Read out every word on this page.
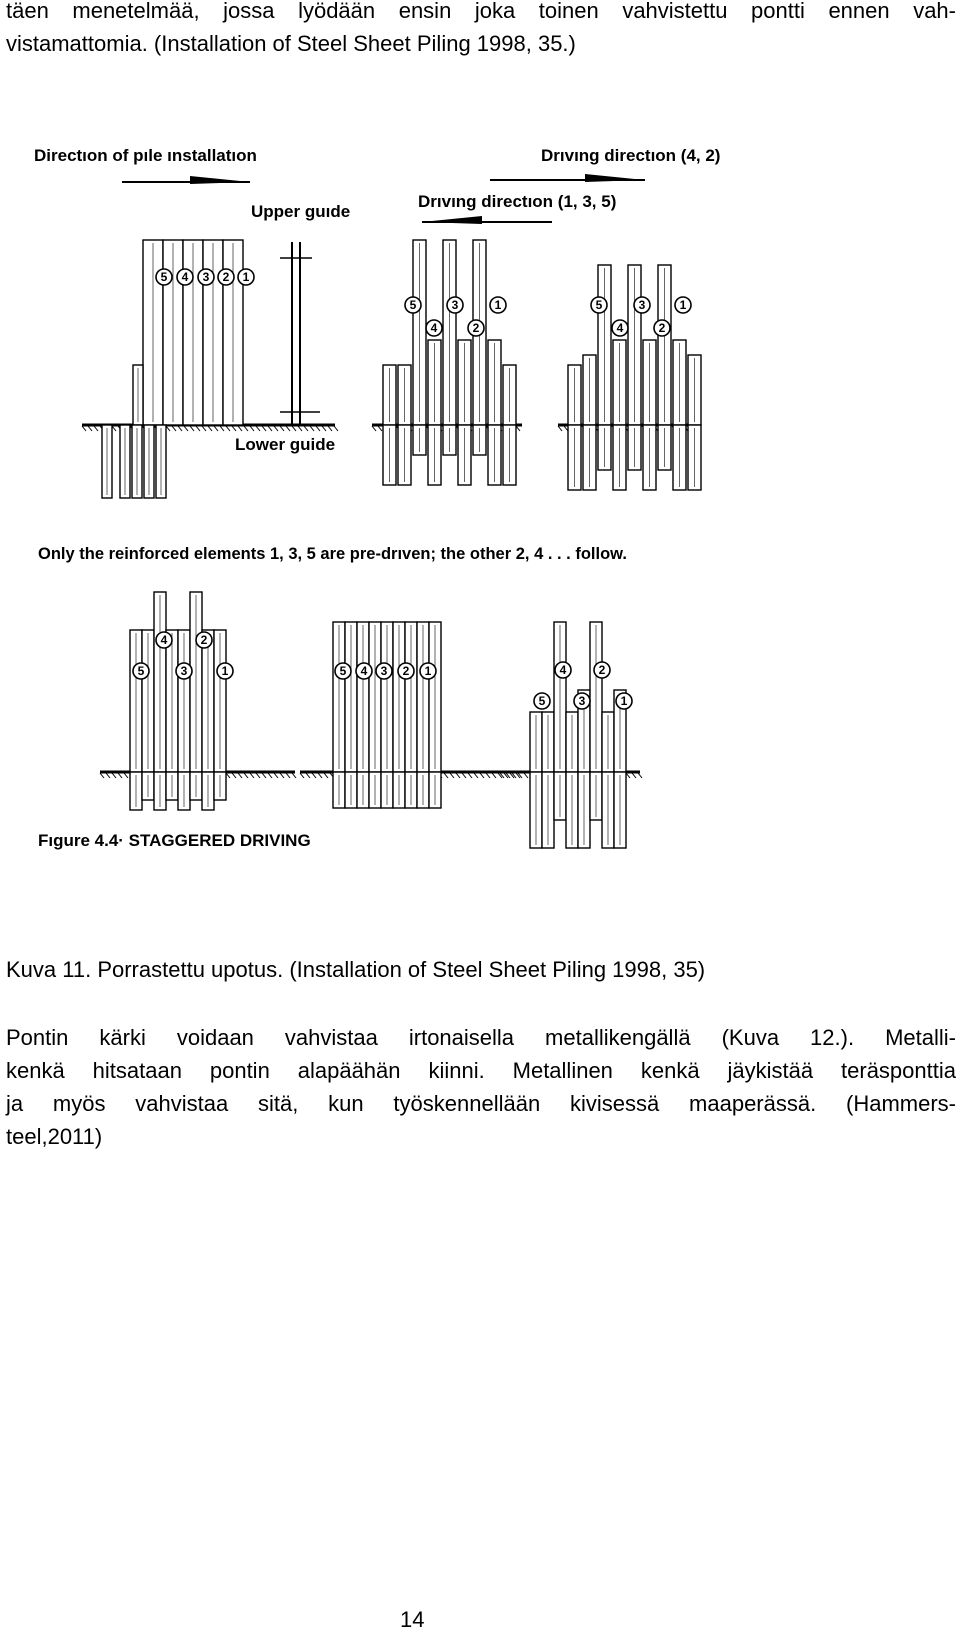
täen menetelmää, jossa lyödään ensin joka toinen vahvistettu pontti ennen vah-
vistamattomia. (Installation of Steel Sheet Piling 1998, 35.)

5 4 3 2 1
5	3	1
4	2
5	3	1
4	2
4	2
5	3	1	5 4 3 2 1	4	2
5	3	1
Directıon of pıle ınstallatıon	Drıvıng directıon (4, 2)
Drıvıng directıon (1, 3, 5)
Upper guıde
Lower guide
Only the reinforced elements 1, 3, 5 are pre-drıven; the other 2, 4 . . . follow.
Fıgure 4.4· STAGGERED DRIVING

Kuva 11. Porrastettu upotus. (Installation of Steel Sheet Piling 1998, 35)

Pontin kärki voidaan vahvistaa irtonaisella metallikengällä (Kuva 12.). Metalli-
kenkä hitsataan pontin alapäähän kiinni. Metallinen kenkä jäykistää teräsponttia
ja myös vahvistaa sitä, kun työskennellään kivisessä maaperässä. (Hammers-
teel,2011)

14
